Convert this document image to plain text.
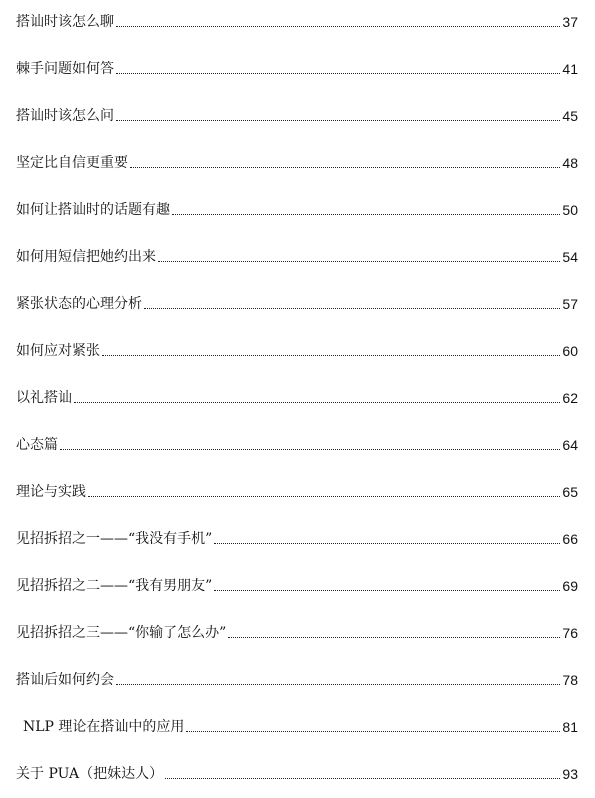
搭讪时该怎么聊	37
棘手问题如何答	41
搭讪时该怎么问	45
坚定比自信更重要	48
如何让搭讪时的话题有趣	50
如何用短信把她约出来	54
紧张状态的心理分析	57
如何应对紧张	60
以礼搭讪	62
心态篇	64
理论与实践	65
见招拆招之一——“我没有手机”	66
见招拆招之二——“我有男朋友”	69
见招拆招之三——“你输了怎么办”	76
搭讪后如何约会	78
NLP 理论在搭讪中的应用	81
关于 PUA（把妹达人）	93
